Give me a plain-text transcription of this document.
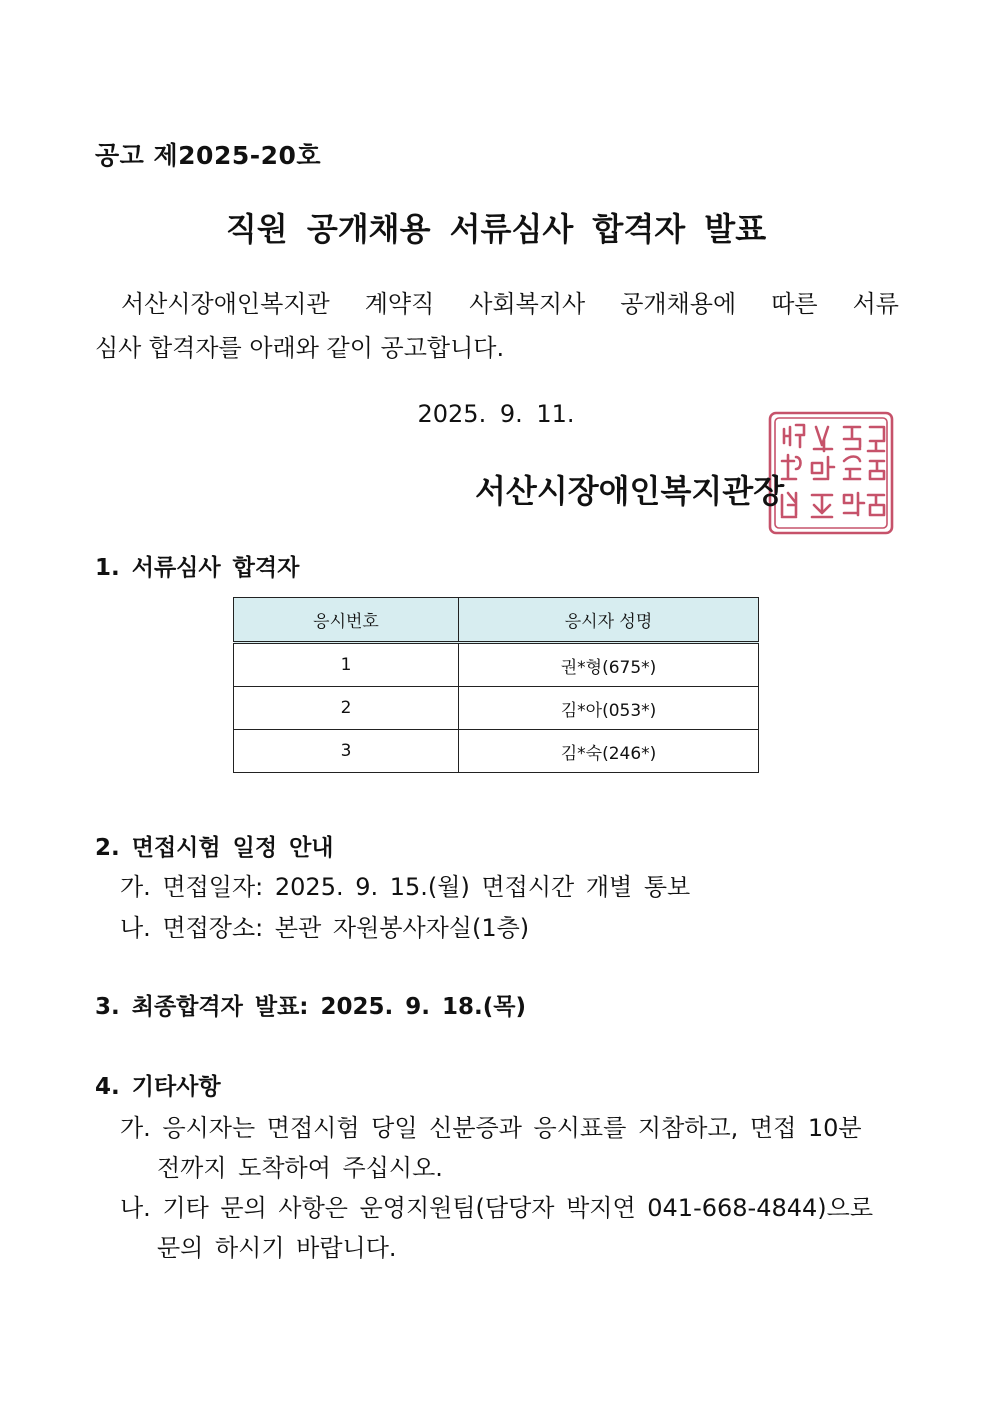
공고 제2025-20호
직원 공개채용 서류심사 합격자 발표
서산시장애인복지관 계약직 사회복지사 공개채용에 따른 서류
심사 합격자를 아래와 같이 공고합니다.
2025. 9. 11.
서산시장애인복지관장
1. 서류심사 합격자
응시번호	응시자 성명
1	권*형(675*)
2	김*아(053*)
3	김*숙(246*)
2. 면접시험 일정 안내
가. 면접일자: 2025. 9. 15.(월) 면접시간 개별 통보
나. 면접장소: 본관 자원봉사자실(1층)
3. 최종합격자 발표: 2025. 9. 18.(목)
4. 기타사항
가. 응시자는 면접시험 당일 신분증과 응시표를 지참하고, 면접 10분
전까지 도착하여 주십시오.
나. 기타 문의 사항은 운영지원팀(담당자 박지연 041-668-4844)으로
문의 하시기 바랍니다.
